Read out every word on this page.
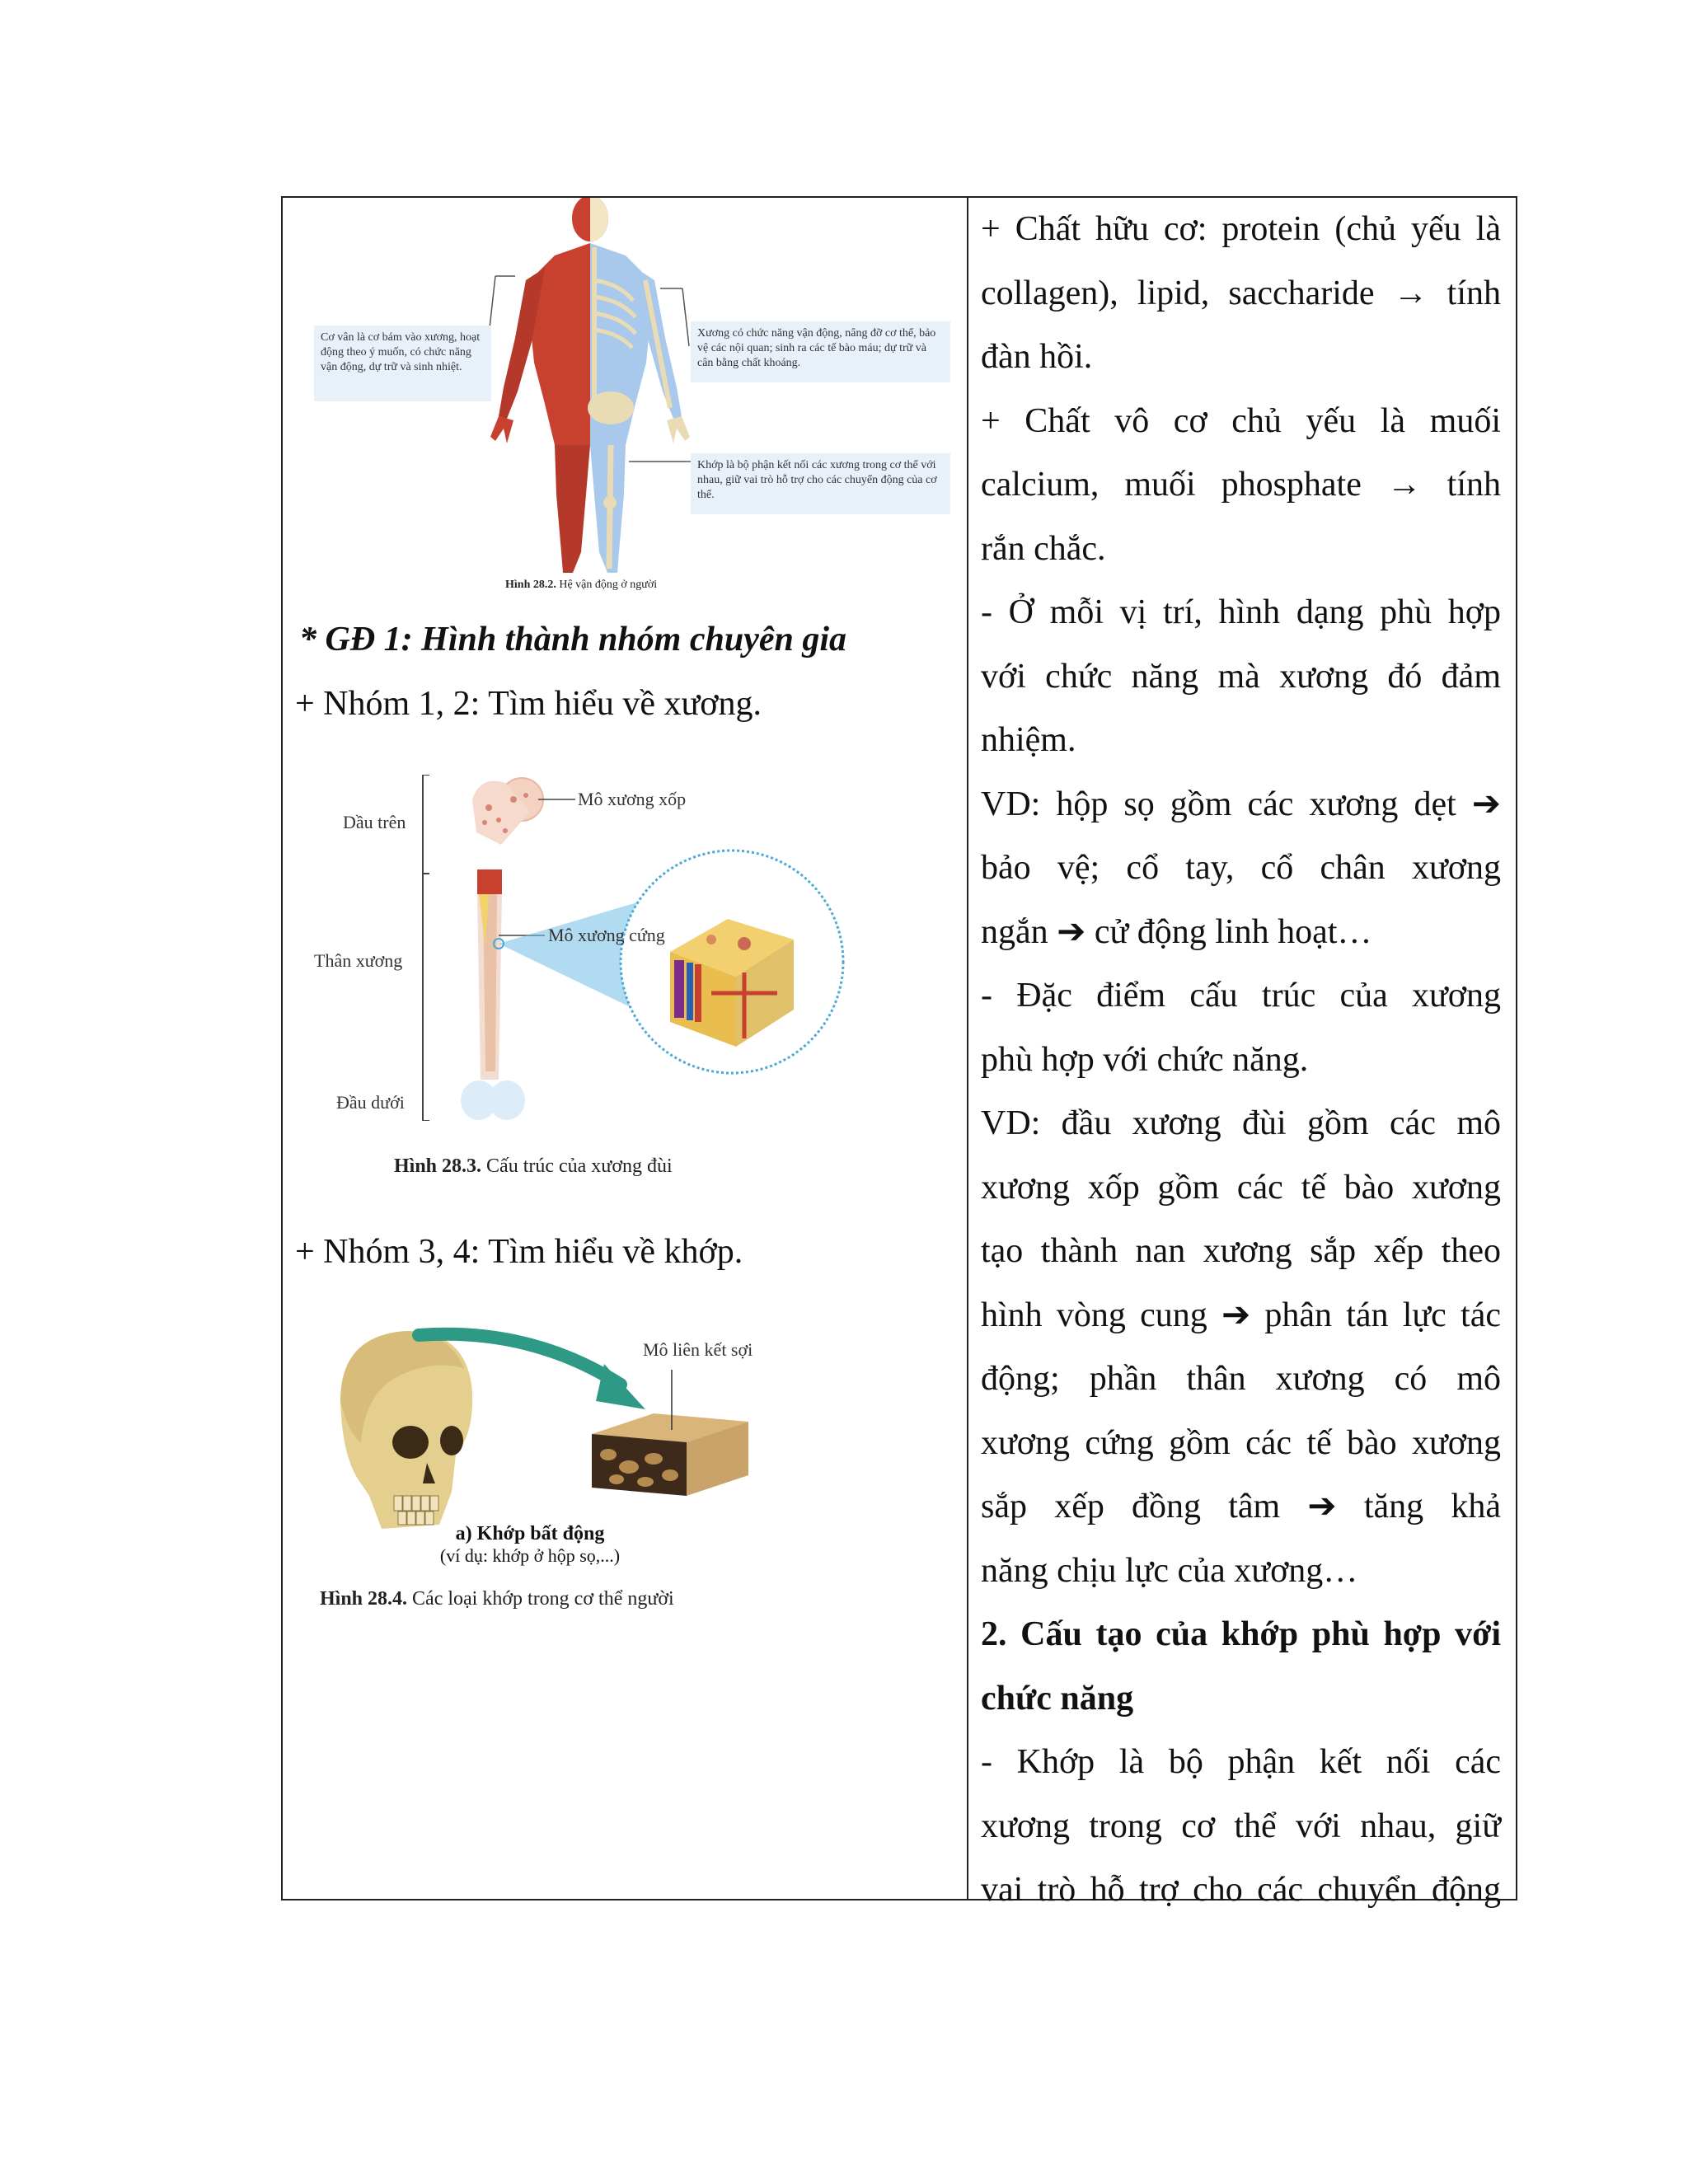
Cơ vân là cơ bám vào xương, hoạt động theo ý muốn, có chức năng vận động, dự trữ và sinh nhiệt.
Xương có chức năng vận động, nâng đỡ cơ thể, bảo vệ các nội quan; sinh ra các tế bào máu; dự trữ và cân bằng chất khoáng.
Khớp là bộ phận kết nối các xương trong cơ thể với nhau, giữ vai trò hỗ trợ cho các chuyển động của cơ thể.
Hình 28.2. Hệ vận động ở người
* GĐ 1: Hình thành nhóm chuyên gia
+ Nhóm 1, 2: Tìm hiểu về xương.
Dầu trên
Thân xương
Đầu dưới
Mô xương xốp
Mô xương cứng
Hình 28.3. Cấu trúc của xương đùi
+ Nhóm 3, 4: Tìm hiểu về khớp.
Mô liên kết sợi
a) Khớp bất động
(ví dụ: khớp ở hộp sọ,...)
Hình 28.4. Các loại khớp trong cơ thể người

+ Chất hữu cơ: protein (chủ yếu là

collagen), lipid, saccharide → tính

đàn hồi.

+ Chất vô cơ chủ yếu là muối

calcium, muối phosphate → tính

rắn chắc.

- Ở mỗi vị trí, hình dạng phù hợp

với chức năng mà xương đó đảm

nhiệm.

VD: hộp sọ gồm các xương dẹt ➔

bảo vệ; cổ tay, cổ chân xương

ngắn ➔ cử động linh hoạt…

- Đặc điểm cấu trúc của xương

phù hợp với chức năng.

VD: đầu xương đùi gồm các mô

xương xốp gồm các tế bào xương

tạo thành nan xương sắp xếp theo

hình vòng cung ➔ phân tán lực tác

động; phần thân xương có mô

xương cứng gồm các tế bào xương

sắp xếp đồng tâm ➔ tăng khả

năng chịu lực của xương…

2. Cấu tạo của khớp phù hợp với

chức năng

- Khớp là bộ phận kết nối các

xương trong cơ thể với nhau, giữ

vai trò hỗ trợ cho các chuyển động
